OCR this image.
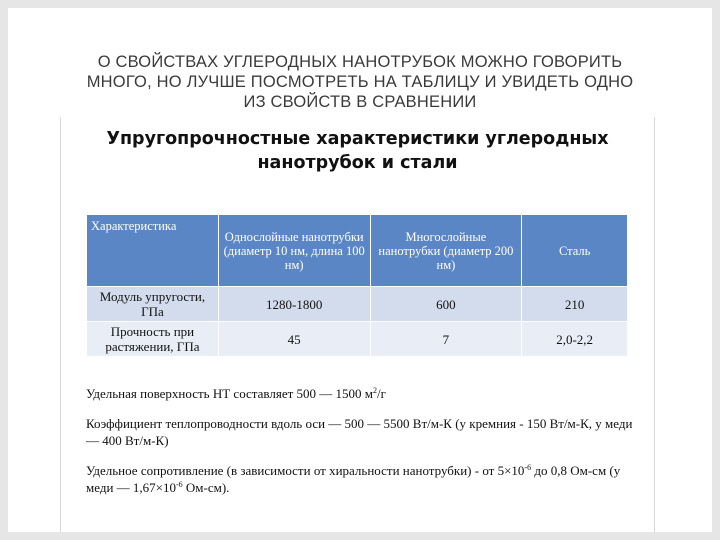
О СВОЙСТВАХ УГЛЕРОДНЫХ НАНОТРУБОК МОЖНО ГОВОРИТЬ
МНОГО, НО ЛУЧШЕ ПОСМОТРЕТЬ НА ТАБЛИЦУ И УВИДЕТЬ ОДНО
ИЗ СВОЙСТВ В СРАВНЕНИИ
Упругопрочностные характеристики углеродных
нанотрубок и стали
Характеристика	Однослойные нанотрубки (диаметр 10 нм, длина 100 нм)	Многослойные нанотрубки (диаметр 200 нм)	Сталь
Модуль упругости, ГПа	1280-1800	600	210
Прочность при растяжении, ГПа	45	7	2,0-2,2

Удельная поверхность НТ составляет 500 — 1500 $м^2/г$

Коэффициент теплопроводности вдоль оси — 500 — 5500 Вт/м-К (у кремния - 150 Вт/м-К, у меди — 400 Вт/м-К)

Удельное сопротивление (в зависимости от хиральности нанотрубки) - от $5\times 10^{-6}$ до 0,8 Ом-см (у меди — $1,67\times 10^{-6}$ Ом-см).
